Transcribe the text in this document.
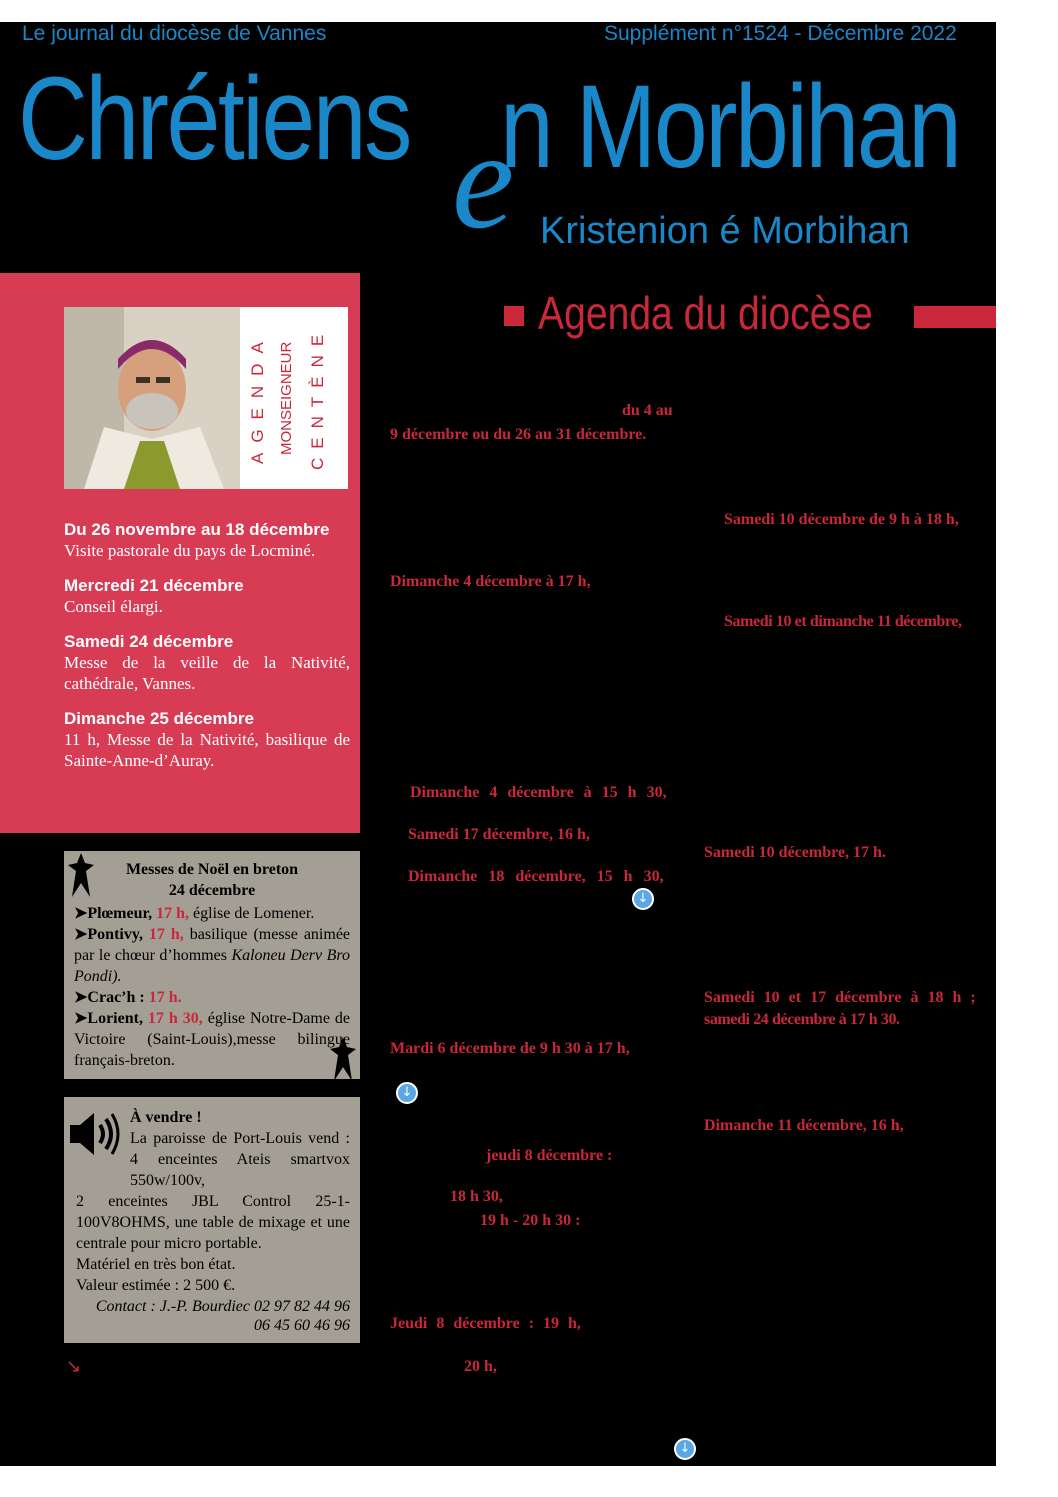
Le journal du diocèse de Vannes	Supplément n°1524 - Décembre 2022
Chrétiens e
n Morbihan
Kristenion é Morbihan
Agenda du diocèse
AGENDA MONSEIGNEUR CENTÈNE
Du 26 novembre au 18 décembre
Visite pastorale du pays de Locminé.
Mercredi 21 décembre
Conseil élargi.
Samedi 24 décembre
Messe de la veille de la Nativité, cathédrale, Vannes.
Dimanche 25 décembre
11 h, Messe de la Nativité, basilique de Sainte-Anne-d’Auray.
Messes de Noël en breton
24 décembre
➤Plœmeur, 17 h, église de Lomener.
➤Pontivy, 17 h, basilique (messe animée par le chœur d’hommes Kaloneu Derv Bro Pondi).
➤Crac’h : 17 h.
➤Lorient, 17 h 30, église Notre-Dame de Victoire (Saint-Louis),messe bilingue français-breton.
À vendre !
La paroisse de Port-Louis vend : 4 enceintes Ateis smartvox 550w/100v,
2 enceintes JBL Control 25-1- 100V8OHMS, une table de mixage et une centrale pour micro portable.
Matériel en très bon état.
Valeur estimée : 2 500 €.
Contact : J.-P. Bourdiec 02 97 82 44 96
06 45 60 46 96
↘
du 4 au
9 décembre ou du 26 au 31 décembre.
Dimanche 4 décembre à 17 h,
Dimanche 4 décembre à 15 h 30,
Samedi 17 décembre, 16 h,
Dimanche 18 décembre, 15 h 30,
↓
Mardi 6 décembre de 9 h 30 à 17 h,
↓
jeudi 8 décembre :
18 h 30,
19 h - 20 h 30 :
Jeudi 8 décembre : 19 h,
20 h,
↓
Samedi 10 décembre de 9 h à 18 h,
Samedi 10 et dimanche 11 décembre,
Samedi 10 décembre, 17 h.
Samedi 10 et 17 décembre à 18 h ;
samedi 24 décembre à 17 h 30.
Dimanche 11 décembre, 16 h,
